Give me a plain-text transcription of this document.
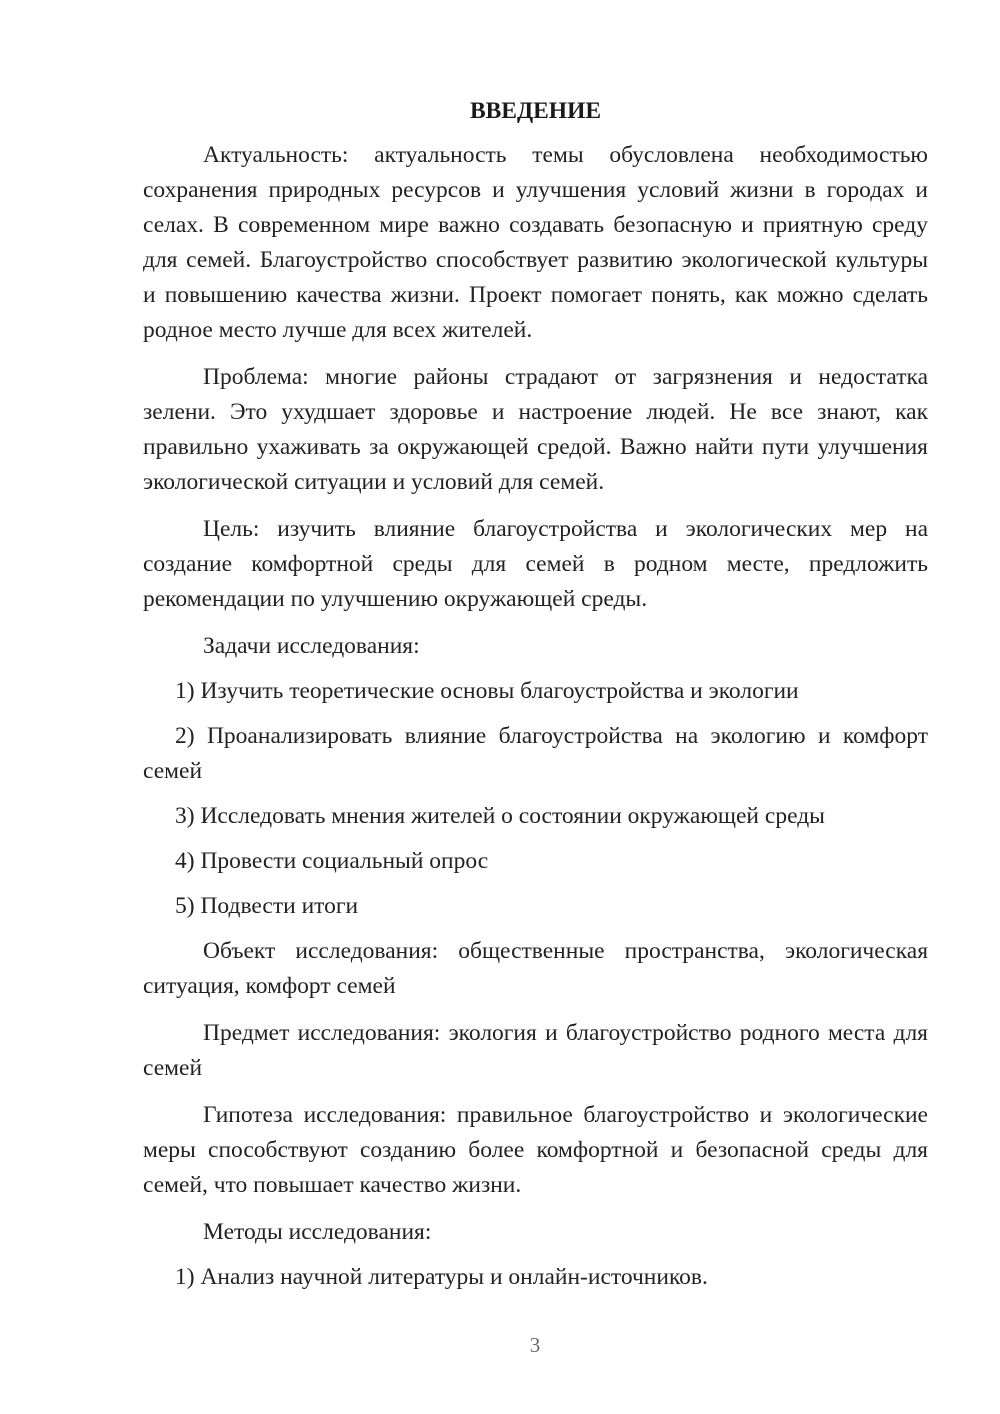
ВВЕДЕНИЕ

Актуальность: актуальность темы обусловлена необходимостью сохранения природных ресурсов и улучшения условий жизни в городах и селах. В современном мире важно создавать безопасную и приятную среду для семей. Благоустройство способствует развитию экологической культуры и повышению качества жизни. Проект помогает понять, как можно сделать родное место лучше для всех жителей.

Проблема: многие районы страдают от загрязнения и недостатка зелени. Это ухудшает здоровье и настроение людей. Не все знают, как правильно ухаживать за окружающей средой. Важно найти пути улучшения экологической ситуации и условий для семей.

Цель: изучить влияние благоустройства и экологических мер на создание комфортной среды для семей в родном месте, предложить рекомендации по улучшению окружающей среды.

Задачи исследования:

1) Изучить теоретические основы благоустройства и экологии

2) Проанализировать влияние благоустройства на экологию и комфорт семей

3) Исследовать мнения жителей о состоянии окружающей среды

4) Провести социальный опрос

5) Подвести итоги

Объект исследования: общественные пространства, экологическая ситуация, комфорт семей

Предмет исследования: экология и благоустройство родного места для семей

Гипотеза исследования: правильное благоустройство и экологические меры способствуют созданию более комфортной и безопасной среды для семей, что повышает качество жизни.

Методы исследования:

1) Анализ научной литературы и онлайн-источников.

3
